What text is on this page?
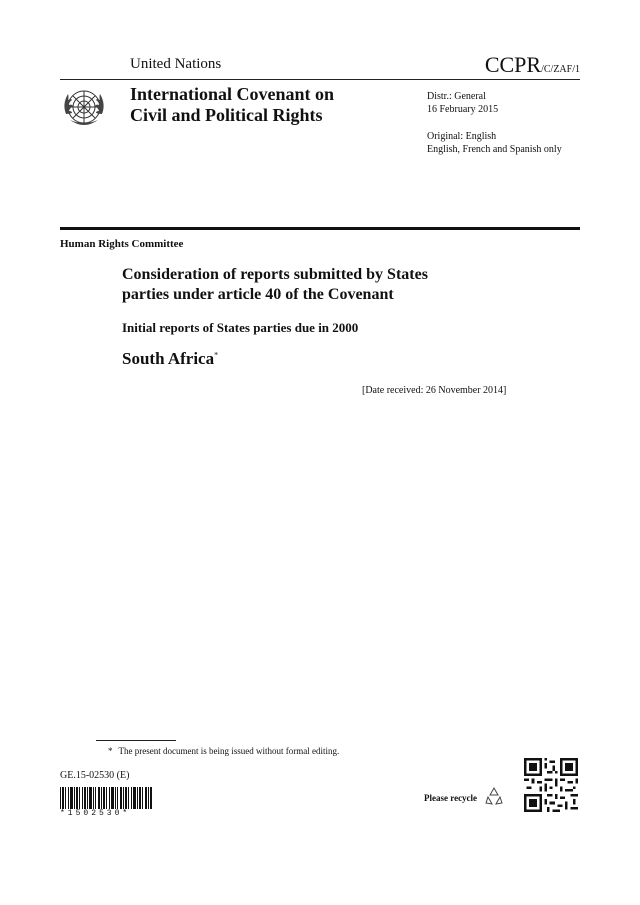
United Nations	CCPR/C/ZAF/1
International Covenant on
Civil and Political Rights
Distr.: General
16 February 2015
Original: English
English, French and Spanish only
Human Rights Committee
Consideration of reports submitted by States
parties under article 40 of the Covenant
Initial reports of States parties due in 2000
South Africa*
[Date received: 26 November 2014]
* The present document is being issued without formal editing.
GE.15-02530 (E)
*1502530*
Please recycle
